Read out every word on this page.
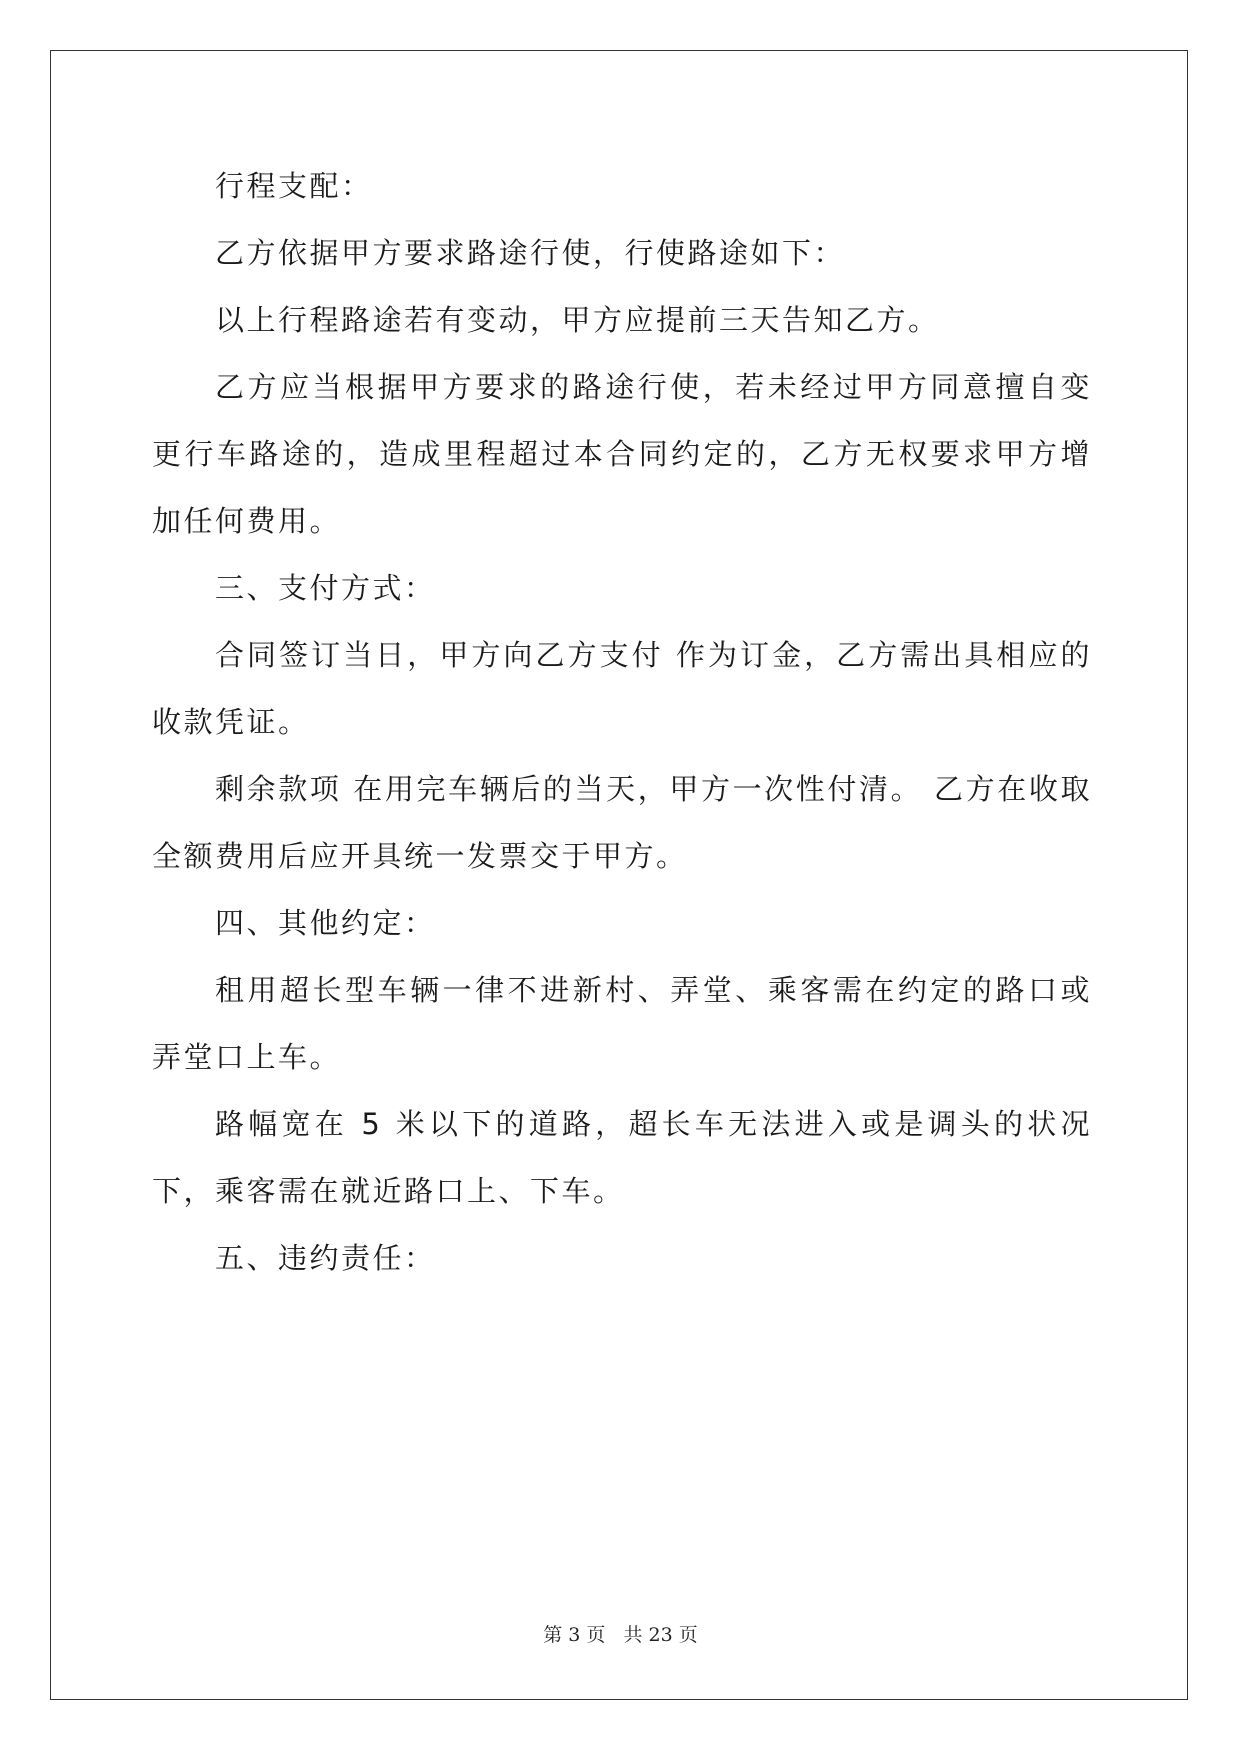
行程支配：

乙方依据甲方要求路途行使，行使路途如下：

以上行程路途若有变动，甲方应提前三天告知乙方。

乙方应当根据甲方要求的路途行使，若未经过甲方同意擅自变更行车路途的，造成里程超过本合同约定的，乙方无权要求甲方增加任何费用。

三、支付方式：

合同签订当日，甲方向乙方支付 作为订金，乙方需出具相应的收款凭证。

剩余款项 在用完车辆后的当天，甲方一次性付清。 乙方在收取全额费用后应开具统一发票交于甲方。

四、其他约定：

租用超长型车辆一律不进新村、弄堂、乘客需在约定的路口或弄堂口上车。

路幅宽在 5 米以下的道路，超长车无法进入或是调头的状况下，乘客需在就近路口上、下车。

五、违约责任：

第 3 页   共 23 页
